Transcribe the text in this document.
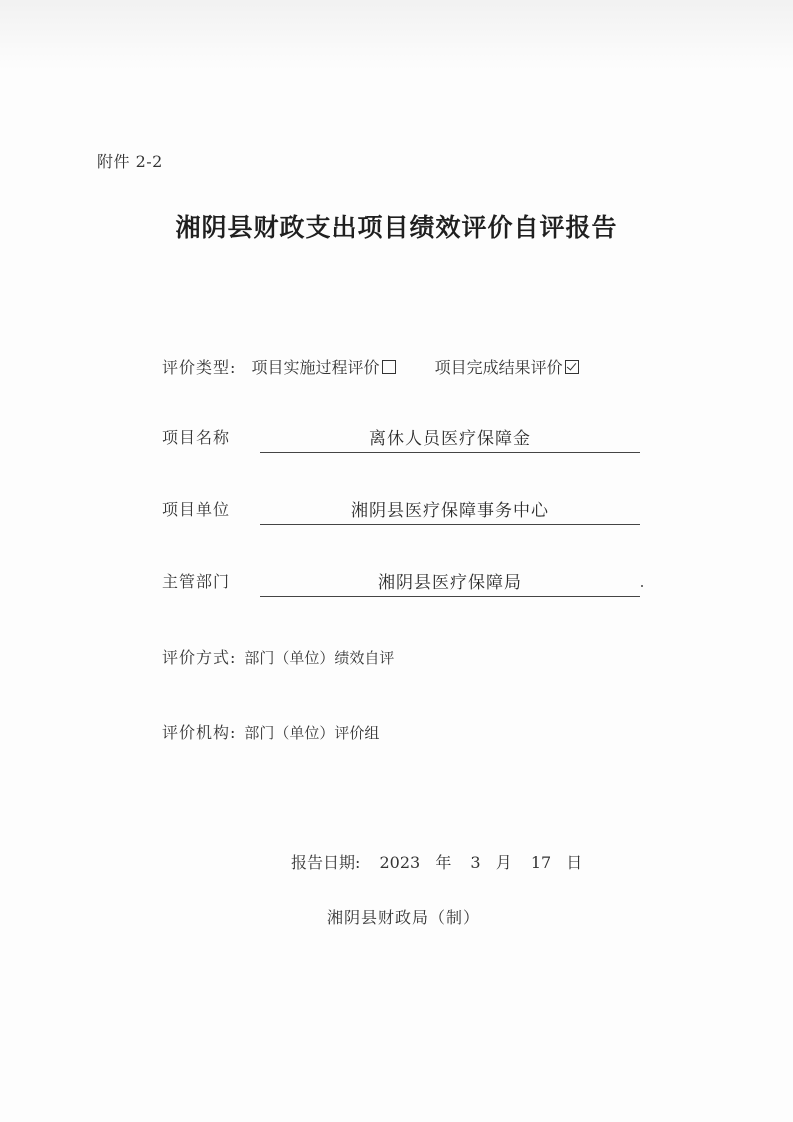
附件 2-2
湘阴县财政支出项目绩效评价自评报告
评价类型: 项目实施过程评价	项目完成结果评价
项目名称	离休人员医疗保障金
项目单位	湘阴县医疗保障事务中心
主管部门	湘阴县医疗保障局
评价方式: 部门（单位）绩效自评
评价机构: 部门（单位）评价组
报告日期: 2023 年 3 月 17 日
湘阴县财政局（制）
